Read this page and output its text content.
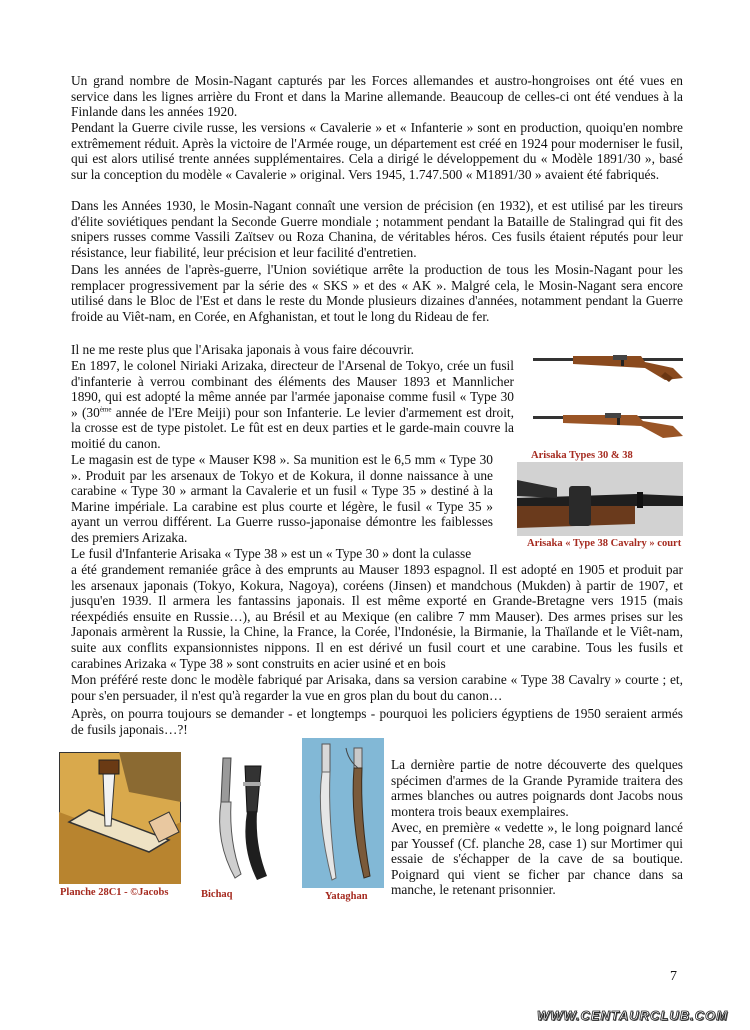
Un grand nombre de Mosin-Nagant capturés par les Forces allemandes et austro-hongroises ont été vues en service dans les lignes arrière du Front et dans la Marine allemande. Beaucoup de celles-ci ont été vendues à la Finlande dans les années 1920.

Pendant la Guerre civile russe, les versions « Cavalerie » et « Infanterie » sont en production, quoiqu'en nombre extrêmement réduit. Après la victoire de l'Armée rouge, un département est créé en 1924 pour moderniser le fusil, qui est alors utilisé trente années supplémentaires. Cela a dirigé le développement du « Modèle 1891/30 », basé sur la conception du modèle « Cavalerie » original. Vers 1945, 1.747.500 « M1891/30 » avaient été fabriqués.

Dans les Années 1930, le Mosin-Nagant connaît une version de précision (en 1932), et est utilisé par les tireurs d'élite soviétiques pendant la Seconde Guerre mondiale ; notamment pendant la Bataille de Stalingrad qui fit des snipers russes comme Vassili Zaïtsev ou Roza Chanina, de véritables héros. Ces fusils étaient réputés pour leur résistance, leur fiabilité, leur précision et leur facilité d'entretien.

Dans les années de l'après-guerre, l'Union soviétique arrête la production de tous les Mosin-Nagant pour les remplacer progressivement par la série des « SKS » et des « AK ». Malgré cela, le Mosin-Nagant sera encore utilisé dans le Bloc de l'Est et dans le reste du Monde plusieurs dizaines d'années, notamment pendant la Guerre froide au Viêt-nam, en Corée, en Afghanistan, et tout le long du Rideau de fer.

Il ne me reste plus que l'Arisaka japonais à vous faire découvrir.

En 1897, le colonel Niriaki Arizaka, directeur de l'Arsenal de Tokyo, crée un fusil d'infanterie à verrou combinant des éléments des Mauser 1893 et Mannlicher 1890, qui est adopté la même année par l'armée japonaise comme fusil « Type 30 » (30ème année de l'Ere Meiji) pour son Infanterie. Le levier d'armement est droit, la crosse est de type pistolet. Le fût est en deux parties et le garde-main couvre la moitié du canon.

Le magasin est de type « Mauser K98 ». Sa munition est le 6,5 mm « Type 30 ». Produit par les arsenaux de Tokyo et de Kokura, il donne naissance à une carabine « Type 30 » armant la Cavalerie et un fusil « Type 35 » destiné à la Marine impériale. La carabine est plus courte et légère, le fusil « Type 35 » ayant un verrou différent. La Guerre russo-japonaise démontre les faiblesses des premiers Arizaka.

Le fusil d'Infanterie Arisaka « Type 38 » est un « Type 30 » dont la culasse

a été grandement remaniée grâce à des emprunts au Mauser 1893 espagnol. Il est adopté en 1905 et produit par les arsenaux japonais (Tokyo, Kokura, Nagoya), coréens (Jinsen) et mandchous (Mukden) à partir de 1907, et jusqu'en 1939. Il armera les fantassins japonais. Il est même exporté en Grande-Bretagne vers 1915 (mais réexpédiés ensuite en Russie…), au Brésil et au Mexique (en calibre 7 mm Mauser). Des armes prises sur les Japonais armèrent la Russie, la Chine, la France, la Corée, l'Indonésie, la Birmanie, la Thaïlande et le Viêt-nam, suite aux conflits expansionnistes nippons. Il en est dérivé un fusil court et une carabine. Tous les fusils et carabines Arizaka « Type 38 » sont construits en acier usiné et en bois

Mon préféré reste donc le modèle fabriqué par Arisaka, dans sa version carabine « Type 38 Cavalry » courte ; et, pour s'en persuader, il n'est qu'à regarder la vue en gros plan du bout du canon…

Après, on pourra toujours se demander - et longtemps - pourquoi les policiers égyptiens de 1950 seraient armés de fusils japonais…?!

Arisaka Types 30 & 38
Arisaka « Type 38 Cavalry » court
Planche 28C1 - ©Jacobs	Bichaq	Yataghan

La dernière partie de notre découverte des quelques spécimen d'armes de la Grande Pyramide traitera des armes blanches ou autres poignards dont Jacobs nous montera trois beaux exemplaires.

Avec, en première « vedette », le long poignard lancé par Youssef (Cf. planche 28, case 1) sur Mortimer qui essaie de s'échapper de la cave de sa boutique. Poignard qui vient se ficher par chance dans sa manche, le retenant prisonnier.

7
WWW.CENTAURCLUB.COM
